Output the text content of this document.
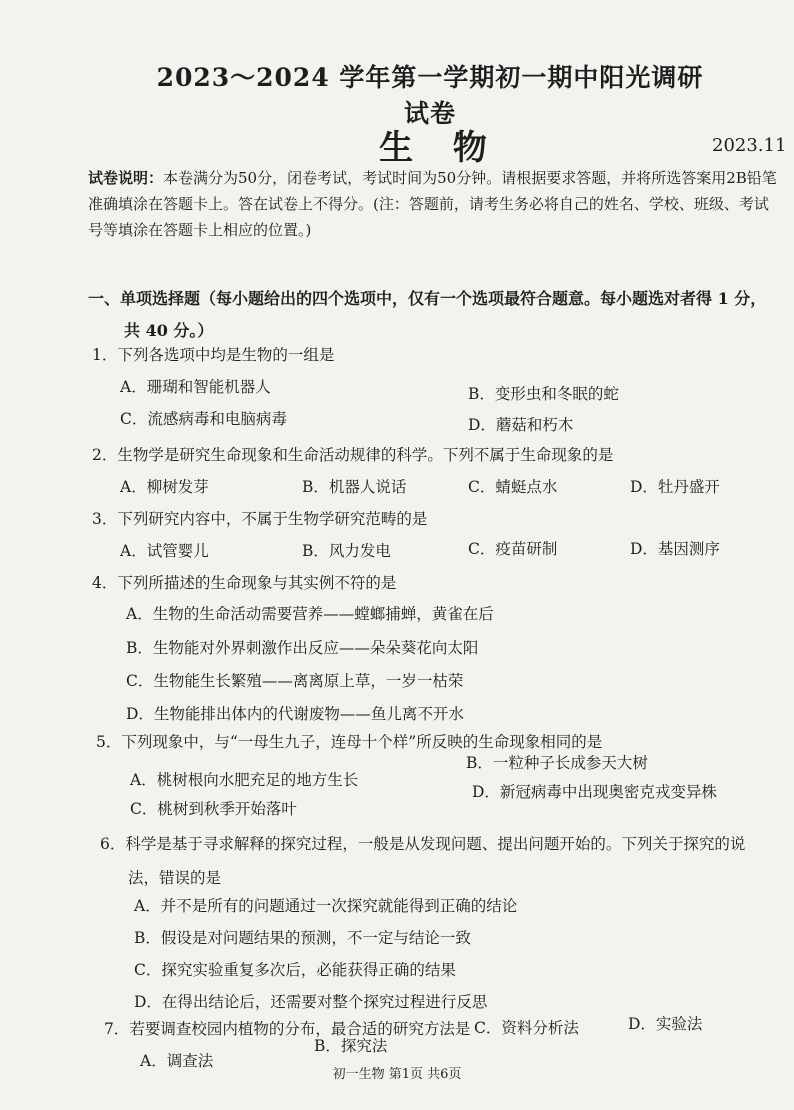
2023～2024 学年第一学期初一期中阳光调研试卷
生 物	2023.11
试卷说明：本卷满分为50分，闭卷考试，考试时间为50分钟。请根据要求答题，并将所选答案用2B铅笔准确填涂在答题卡上。答在试卷上不得分。(注：答题前，请考生务必将自己的姓名、学校、班级、考试号等填涂在答题卡上相应的位置。)
一、单项选择题（每小题给出的四个选项中，仅有一个选项最符合题意。每小题选对者得 1 分，
共 40 分。）
1．下列各选项中均是生物的一组是
A．珊瑚和智能机器人	B．变形虫和冬眠的蛇
C．流感病毒和电脑病毒	D．蘑菇和朽木
2．生物学是研究生命现象和生命活动规律的科学。下列不属于生命现象的是
A．柳树发芽	B．机器人说话	C．蜻蜓点水	D．牡丹盛开
3．下列研究内容中，不属于生物学研究范畴的是
A．试管婴儿	B．风力发电	C．疫苗研制	D．基因测序
4．下列所描述的生命现象与其实例不符的是
A．生物的生命活动需要营养——螳螂捕蝉，黄雀在后
B．生物能对外界刺激作出反应——朵朵葵花向太阳
C．生物能生长繁殖——离离原上草，一岁一枯荣
D．生物能排出体内的代谢废物——鱼儿离不开水
5．下列现象中，与“一母生九子，连母十个样”所反映的生命现象相同的是
A．桃树根向水肥充足的地方生长
B．一粒种子长成参天大树
C．桃树到秋季开始落叶
D．新冠病毒中出现奥密克戎变异株
6．科学是基于寻求解释的探究过程，一般是从发现问题、提出问题开始的。下列关于探究的说
法，错误的是
A．并不是所有的问题通过一次探究就能得到正确的结论
B．假设是对问题结果的预测，不一定与结论一致
C．探究实验重复多次后，必能获得正确的结果
D．在得出结论后，还需要对整个探究过程进行反思
7．若要调查校园内植物的分布，最合适的研究方法是
A．调查法
B．探究法
C．资料分析法	D．实验法
初一生物 第1页 共6页
